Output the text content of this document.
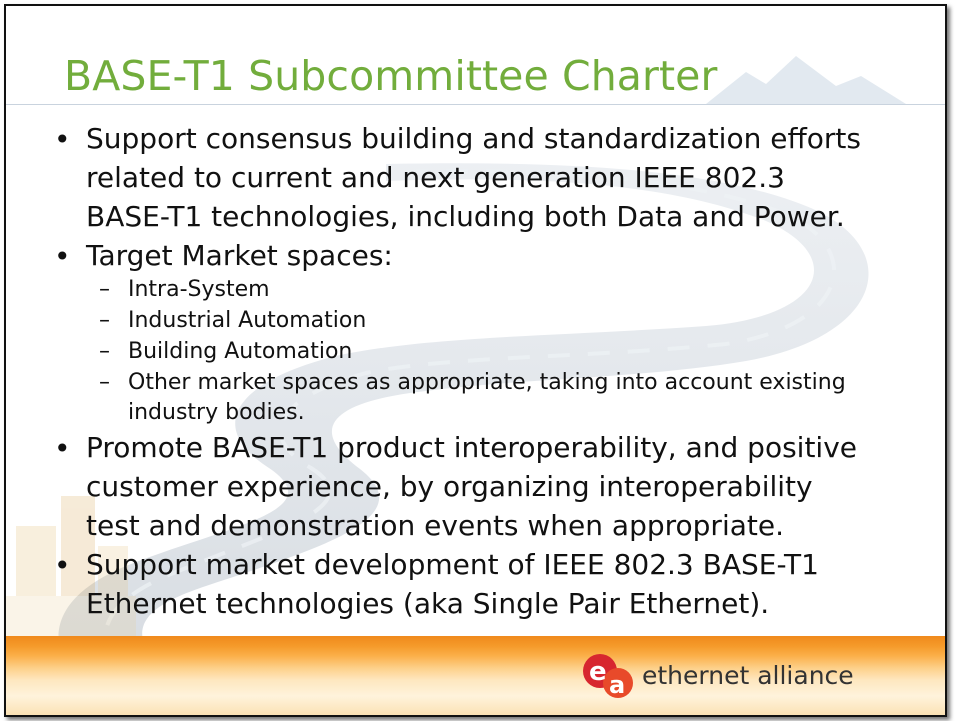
BASE-T1 Subcommittee Charter
• Support consensus building and standardization efforts
related to current and next generation IEEE 802.3
BASE-T1 technologies, including both Data and Power.
• Target Market spaces:
– Intra-System
– Industrial Automation
– Building Automation
– Other market spaces as appropriate, taking into account existing
industry bodies.
• Promote BASE-T1 product interoperability, and positive
customer experience, by organizing interoperability
test and demonstration events when appropriate.
• Support market development of IEEE 802.3 BASE-T1
Ethernet technologies (aka Single Pair Ethernet).
e a ethernet alliance
